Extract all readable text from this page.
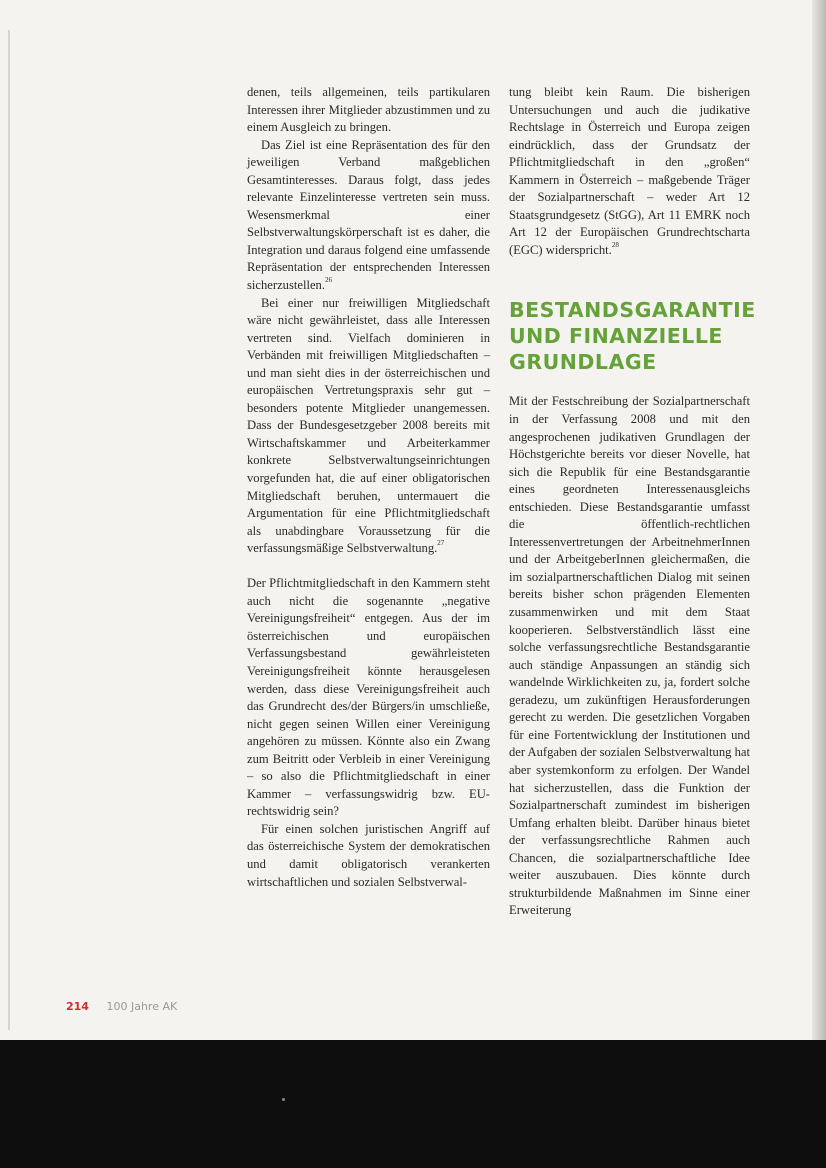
denen, teils allgemeinen, teils partikularen Interessen ihrer Mitglieder abzustimmen und zu einem Ausgleich zu bringen.

Das Ziel ist eine Repräsentation des für den jeweiligen Verband maßgeblichen Gesamtinteresses. Daraus folgt, dass jedes relevante Einzelinteresse vertreten sein muss. Wesensmerkmal einer Selbstverwaltungskörperschaft ist es daher, die Integration und daraus folgend eine umfassende Repräsentation der entsprechenden Interessen sicherzustellen.$^{26}$

Bei einer nur freiwilligen Mitgliedschaft wäre nicht gewährleistet, dass alle Interessen vertreten sind. Vielfach dominieren in Verbänden mit freiwilligen Mitgliedschaften – und man sieht dies in der österreichischen und europäischen Vertretungspraxis sehr gut – besonders potente Mitglieder unangemessen. Dass der Bundesgesetzgeber 2008 bereits mit Wirtschaftskammer und Arbeiterkammer konkrete Selbstverwaltungseinrichtungen vorgefunden hat, die auf einer obligatorischen Mitgliedschaft beruhen, untermauert die Argumentation für eine Pflichtmitgliedschaft als unabdingbare Voraussetzung für die verfassungsmäßige Selbstverwaltung.$^{27}$

Der Pflichtmitgliedschaft in den Kammern steht auch nicht die sogenannte „negative Vereinigungsfreiheit“ entgegen. Aus der im österreichischen und europäischen Verfassungsbestand gewährleisteten Vereinigungsfreiheit könnte herausgelesen werden, dass diese Vereinigungsfreiheit auch das Grundrecht des/der Bürgers/in umschließe, nicht gegen seinen Willen einer Vereinigung angehören zu müssen. Könnte also ein Zwang zum Beitritt oder Verbleib in einer Vereinigung – so also die Pflichtmitgliedschaft in einer Kammer – verfassungswidrig bzw. EU-rechtswidrig sein?

Für einen solchen juristischen Angriff auf das österreichische System der demokratischen und damit obligatorisch verankerten wirtschaftlichen und sozialen Selbstverwal-

tung bleibt kein Raum. Die bisherigen Untersuchungen und auch die judikative Rechtslage in Österreich und Europa zeigen eindrücklich, dass der Grundsatz der Pflichtmitgliedschaft in den „großen“ Kammern in Österreich – maßgebende Träger der Sozialpartnerschaft – weder Art 12 Staatsgrundgesetz (StGG), Art 11 EMRK noch Art 12 der Europäischen Grundrechtscharta (EGC) widerspricht.$^{28}$

BESTANDSGARANTIE
UND FINANZIELLE
GRUNDLAGE

Mit der Festschreibung der Sozialpartnerschaft in der Verfassung 2008 und mit den angesprochenen judikativen Grundlagen der Höchstgerichte bereits vor dieser Novelle, hat sich die Republik für eine Bestandsgarantie eines geordneten Interessenausgleichs entschieden. Diese Bestandsgarantie umfasst die öffentlich-rechtlichen Interessenvertretungen der ArbeitnehmerInnen und der ArbeitgeberInnen gleichermaßen, die im sozialpartnerschaftlichen Dialog mit seinen bereits bisher schon prägenden Elementen zusammenwirken und mit dem Staat kooperieren. Selbstverständlich lässt eine solche verfassungsrechtliche Bestandsgarantie auch ständige Anpassungen an ständig sich wandelnde Wirklichkeiten zu, ja, fordert solche geradezu, um zukünftigen Herausforderungen gerecht zu werden. Die gesetzlichen Vorgaben für eine Fortentwicklung der Institutionen und der Aufgaben der sozialen Selbstverwaltung hat aber systemkonform zu erfolgen. Der Wandel hat sicherzustellen, dass die Funktion der Sozialpartnerschaft zumindest im bisherigen Umfang erhalten bleibt. Darüber hinaus bietet der verfassungsrechtliche Rahmen auch Chancen, die sozialpartnerschaftliche Idee weiter auszubauen. Dies könnte durch strukturbildende Maßnahmen im Sinne einer Erweiterung

214 100 Jahre AK
